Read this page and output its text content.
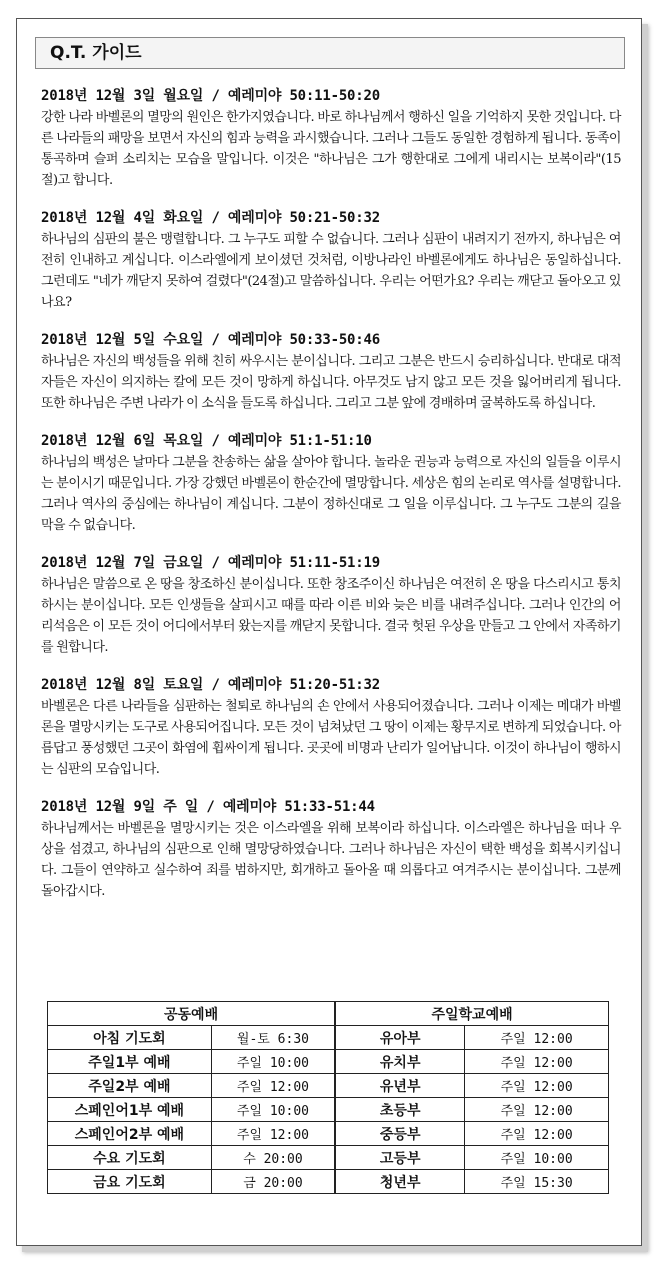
Q.T. 가이드
2018년 12월 3일 월요일 / 예레미야 50:11-50:20
강한 나라 바벨론의 멸망의 원인은 한가지였습니다. 바로 하나님께서 행하신 일을 기억하지 못한 것입니다. 다른 나라들의 패망을 보면서 자신의 힘과 능력을 과시했습니다. 그러나 그들도 동일한 경험하게 됩니다. 동족이 통곡하며 슬퍼 소리치는 모습을 말입니다. 이것은 "하나님은 그가 행한대로 그에게 내리시는 보복이라"(15절)고 합니다.
2018년 12월 4일 화요일 / 예레미야 50:21-50:32
하나님의 심판의 불은 맹렬합니다. 그 누구도 피할 수 없습니다. 그러나 심판이 내려지기 전까지, 하나님은 여전히 인내하고 계십니다. 이스라엘에게 보이셨던 것처럼, 이방나라인 바벨론에게도 하나님은 동일하십니다. 그런데도 "네가 깨닫지 못하여 걸렸다"(24절)고 말씀하십니다. 우리는 어떤가요? 우리는 깨닫고 돌아오고 있나요?
2018년 12월 5일 수요일 / 예레미야 50:33-50:46
하나님은 자신의 백성들을 위해 친히 싸우시는 분이십니다. 그리고 그분은 반드시 승리하십니다. 반대로 대적 자들은 자신이 의지하는 칼에 모든 것이 망하게 하십니다. 아무것도 남지 않고 모든 것을 잃어버리게 됩니다. 또한 하나님은 주변 나라가 이 소식을 들도록 하십니다. 그리고 그분 앞에 경배하며 굴복하도록 하십니다.
2018년 12월 6일 목요일 / 예레미야 51:1-51:10
하나님의 백성은 날마다 그분을 찬송하는 삶을 살아야 합니다. 놀라운 권능과 능력으로 자신의 일들을 이루시는 분이시기 때문입니다. 가장 강했던 바벨론이 한순간에 멸망합니다. 세상은 힘의 논리로 역사를 설명합니다. 그러나 역사의 중심에는 하나님이 계십니다. 그분이 정하신대로 그 일을 이루십니다. 그 누구도 그분의 길을 막을 수 없습니다.
2018년 12월 7일 금요일 / 예레미야 51:11-51:19
하나님은 말씀으로 온 땅을 창조하신 분이십니다. 또한 창조주이신 하나님은 여전히 온 땅을 다스리시고 통치하시는 분이십니다. 모든 인생들을 살피시고 때를 따라 이른 비와 늦은 비를 내려주십니다. 그러나 인간의 어리석음은 이 모든 것이 어디에서부터 왔는지를 깨닫지 못합니다. 결국 헛된 우상을 만들고 그 안에서 자족하기를 원합니다.
2018년 12월 8일 토요일 / 예레미야 51:20-51:32
바벨론은 다른 나라들을 심판하는 철퇴로 하나님의 손 안에서 사용되어졌습니다. 그러나 이제는 메대가 바벨론을 멸망시키는 도구로 사용되어집니다. 모든 것이 넘쳐났던 그 땅이 이제는 황무지로 변하게 되었습니다. 아름답고 풍성했던 그곳이 화염에 휩싸이게 됩니다. 곳곳에 비명과 난리가 일어납니다. 이것이 하나님이 행하시는 심판의 모습입니다.
2018년 12월 9일 주 일 / 예레미야 51:33-51:44
하나님께서는 바벨론을 멸망시키는 것은 이스라엘을 위해 보복이라 하십니다. 이스라엘은 하나님을 떠나 우상을 섬겼고, 하나님의 심판으로 인해 멸망당하였습니다. 그러나 하나님은 자신이 택한 백성을 회복시키십니다. 그들이 연약하고 실수하여 죄를 범하지만, 회개하고 돌아올 때 의롭다고 여겨주시는 분이십니다. 그분께 돌아갑시다.
공동예배		주일학교예배	
아침 기도회	월-토 6:30	유아부	주일 12:00
주일1부 예배	주일 10:00	유치부	주일 12:00
주일2부 예배	주일 12:00	유년부	주일 12:00
스페인어1부 예배	주일 10:00	초등부	주일 12:00
스페인어2부 예배	주일 12:00	중등부	주일 12:00
수요 기도회	수 20:00	고등부	주일 10:00
금요 기도회	금 20:00	청년부	주일 15:30
